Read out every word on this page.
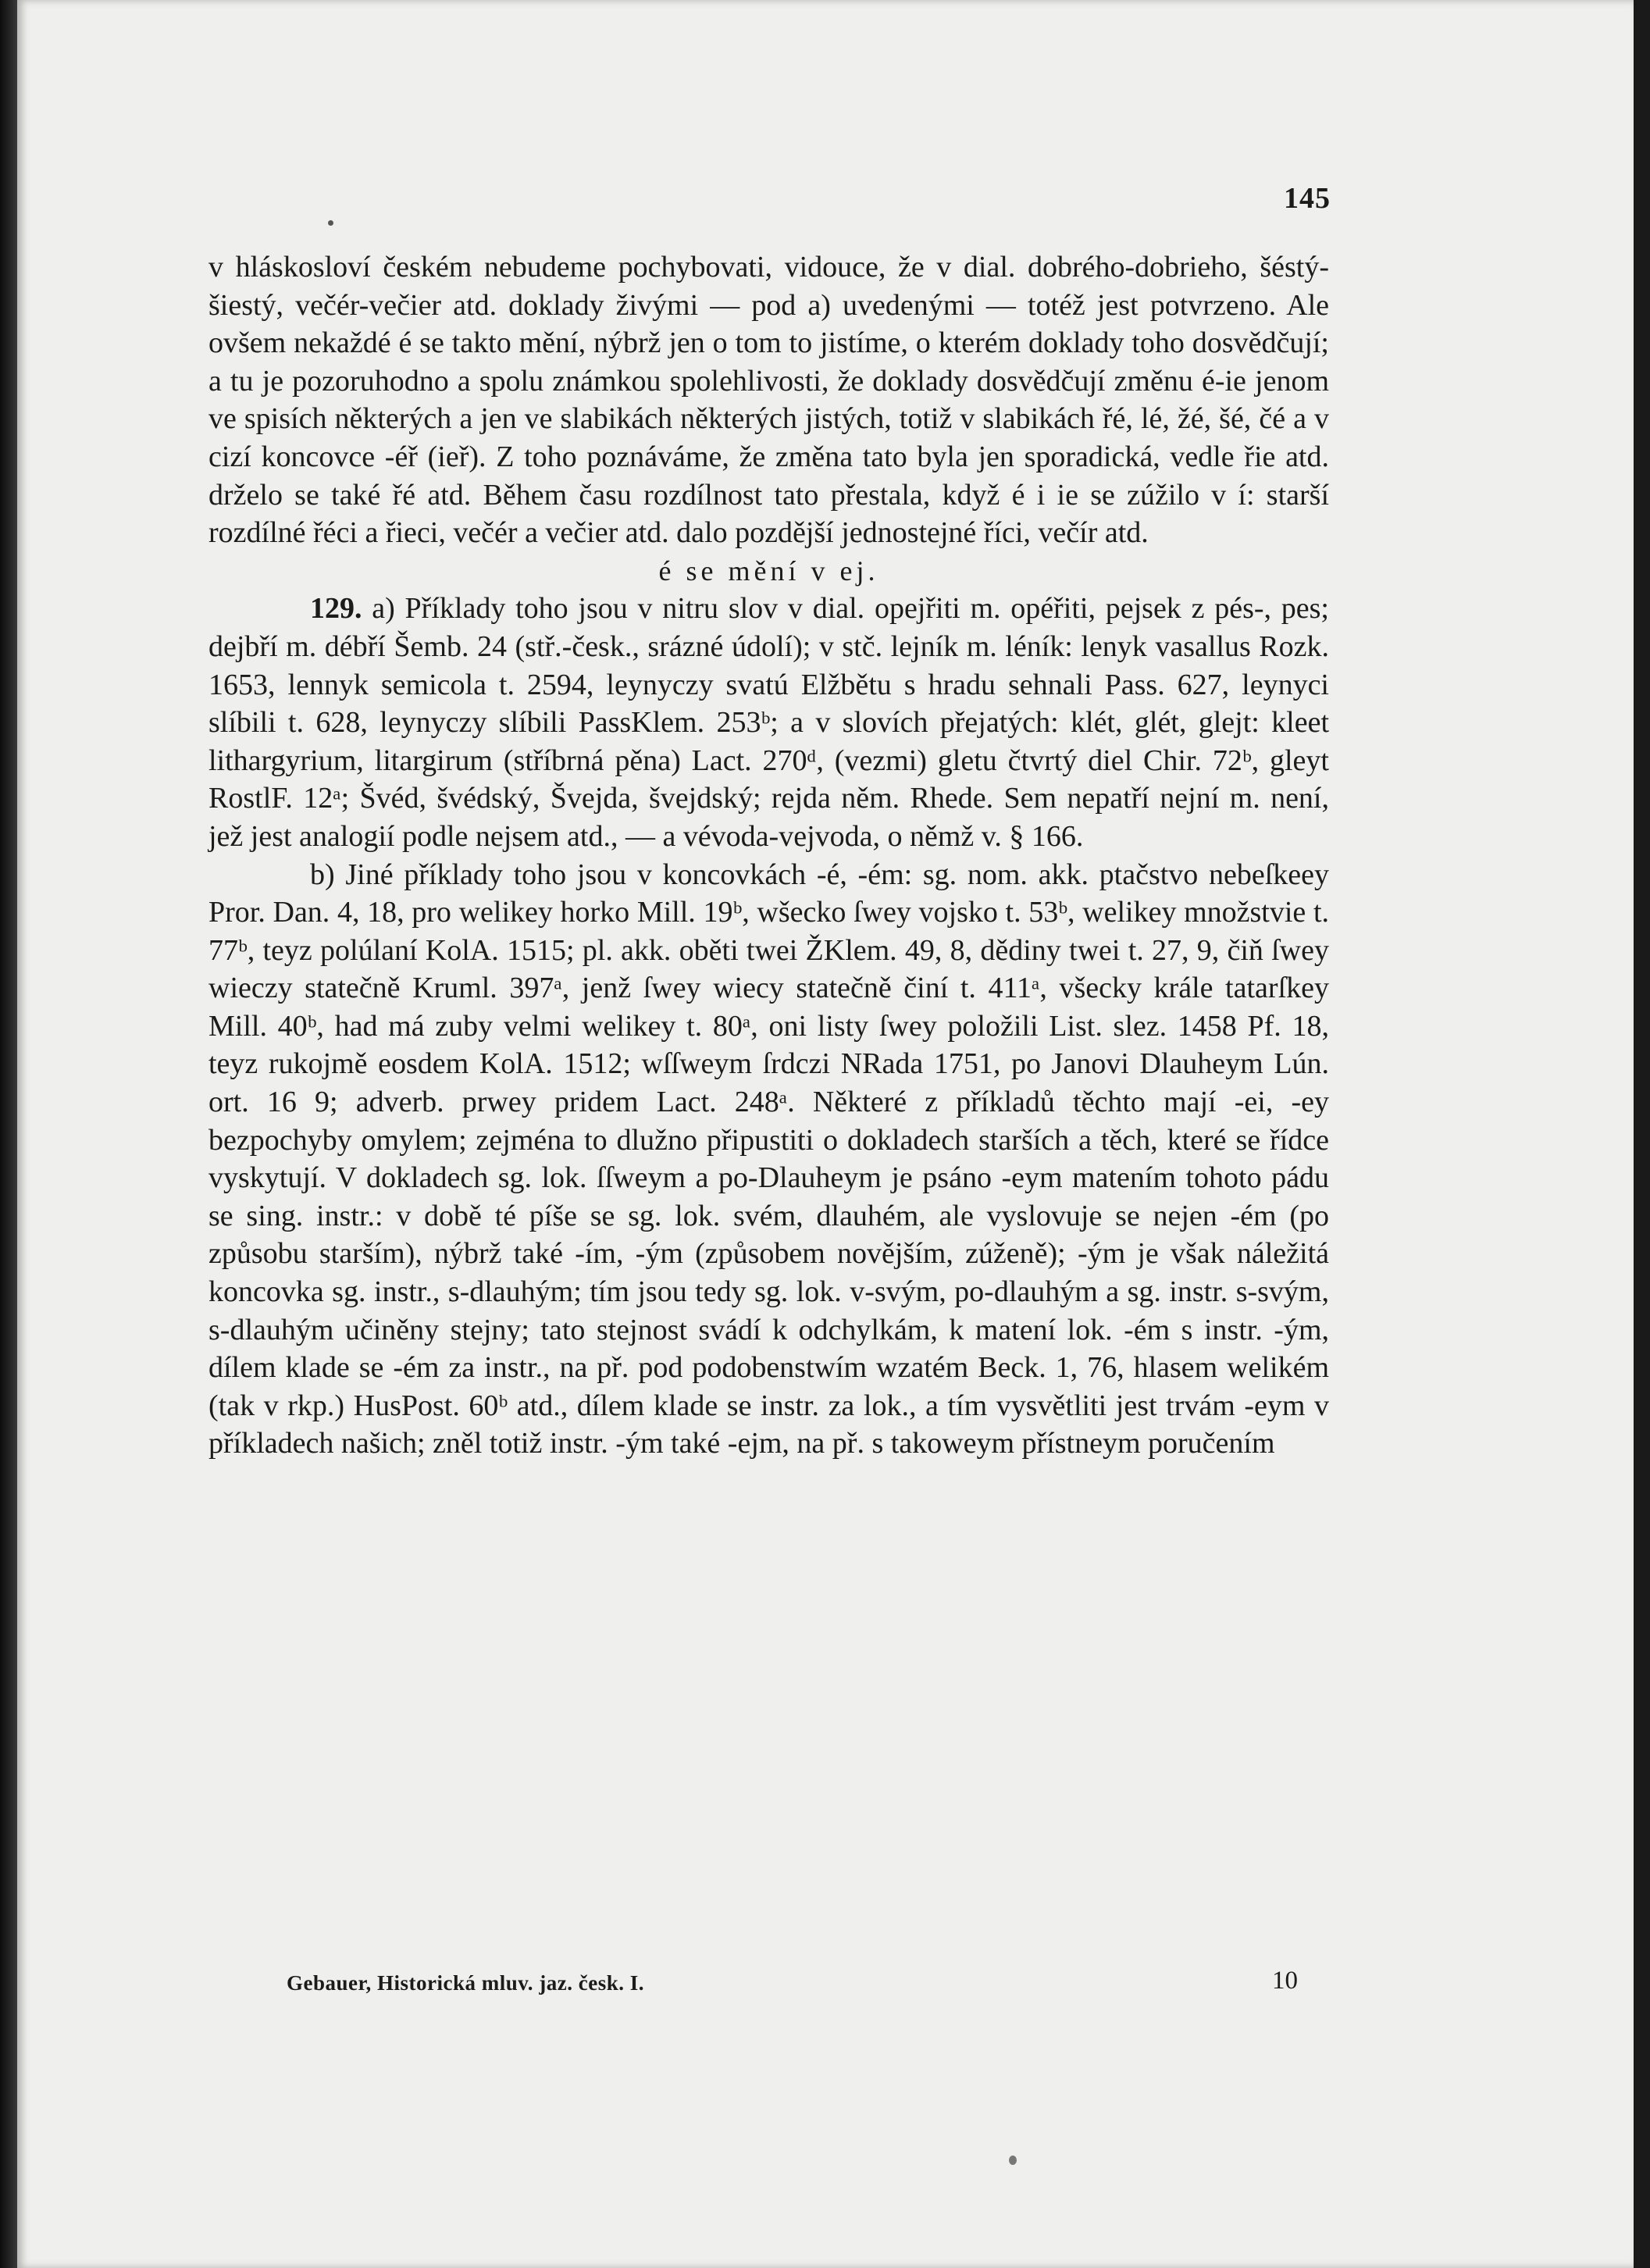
145

v hláskosloví českém nebudeme pochybovati, vidouce, že v dial. dobrého-dobrieho, šéstý-šiestý, večér-večier atd. doklady živými — pod a) uvedenými — totéž jest potvrzeno. Ale ovšem nekaždé é se takto mění, nýbrž jen o tom to jistíme, o kterém doklady toho dosvědčují; a tu je pozoruhodno a spolu známkou spolehlivosti, že doklady dosvědčují změnu é-ie jenom ve spisích některých a jen ve slabikách některých jistých, totiž v slabikách řé, lé, žé, šé, čé a v cizí koncovce -éř (ieř). Z toho poznáváme, že změna tato byla jen sporadická, vedle řie atd. drželo se také řé atd. Během času rozdílnost tato přestala, když é i ie se zúžilo v í: starší rozdílné řéci a řieci, večér a večier atd. dalo pozdější jednostejné říci, večír atd.

é se mění v ej.

129. a) Příklady toho jsou v nitru slov v dial. opejřiti m. opéřiti, pejsek z pés-, pes; dejbří m. débří Šemb. 24 (stř.-česk., srázné údolí); v stč. lejník m. léník: lenyk vasallus Rozk. 1653, lennyk semicola t. 2594, leynyczy svatú Elžbětu s hradu sehnali Pass. 627, leynyci slíbili t. 628, leynyczy slíbili PassKlem. 253ᵇ; a v slovích přejatých: klét, glét, glejt: kleet lithargyrium, litargirum (stříbrná pěna) Lact. 270ᵈ, (vezmi) gletu čtvrtý diel Chir. 72ᵇ, gleyt RostlF. 12ᵃ; Švéd, švédský, Švejda, švejdský; rejda něm. Rhede. Sem nepatří nejní m. není, jež jest analogií podle nejsem atd., — a vévoda-vejvoda, o němž v. § 166.

b) Jiné příklady toho jsou v koncovkách -é, -ém: sg. nom. akk. ptačstvo nebeſkeey Pror. Dan. 4, 18, pro welikey horko Mill. 19ᵇ, wšecko ſwey vojsko t. 53ᵇ, welikey množstvie t. 77ᵇ, teyz polúlaní KolA. 1515; pl. akk. oběti twei ŽKlem. 49, 8, dědiny twei t. 27, 9, čiň ſwey wieczy statečně Kruml. 397ᵃ, jenž ſwey wiecy statečně činí t. 411ᵃ, všecky krále tatarſkey Mill. 40ᵇ, had má zuby velmi welikey t. 80ᵃ, oni listy ſwey položili List. slez. 1458 Pf. 18, teyz rukojmě eosdem KolA. 1512; wſſweym ſrdczi NRada 1751, po Janovi Dlauheym Lún. ort. 16 9; adverb. prwey pridem Lact. 248ᵃ. Některé z příkladů těchto mají -ei, -ey bezpochyby omylem; zejména to dlužno připustiti o dokladech starších a těch, které se řídce vyskytují. V dokladech sg. lok. ſſweym a po-Dlauheym je psáno -eym matením tohoto pádu se sing. instr.: v době té píše se sg. lok. svém, dlauhém, ale vyslovuje se nejen -ém (po způsobu starším), nýbrž také -ím, -ým (způsobem novějším, zúženě); -ým je však náležitá koncovka sg. instr., s-dlauhým; tím jsou tedy sg. lok. v-svým, po-dlauhým a sg. instr. s-svým, s-dlauhým učiněny stejny; tato stejnost svádí k odchylkám, k matení lok. -ém s instr. -ým, dílem klade se -ém za instr., na př. pod podobenstwím wzatém Beck. 1, 76, hlasem welikém (tak v rkp.) HusPost. 60ᵇ atd., dílem klade se instr. za lok., a tím vysvětliti jest trvám -eym v příkladech našich; zněl totiž instr. -ým také -ejm, na př. s takoweym přístneym poručením

Gebauer, Historická mluv. jaz. česk. I.	10
